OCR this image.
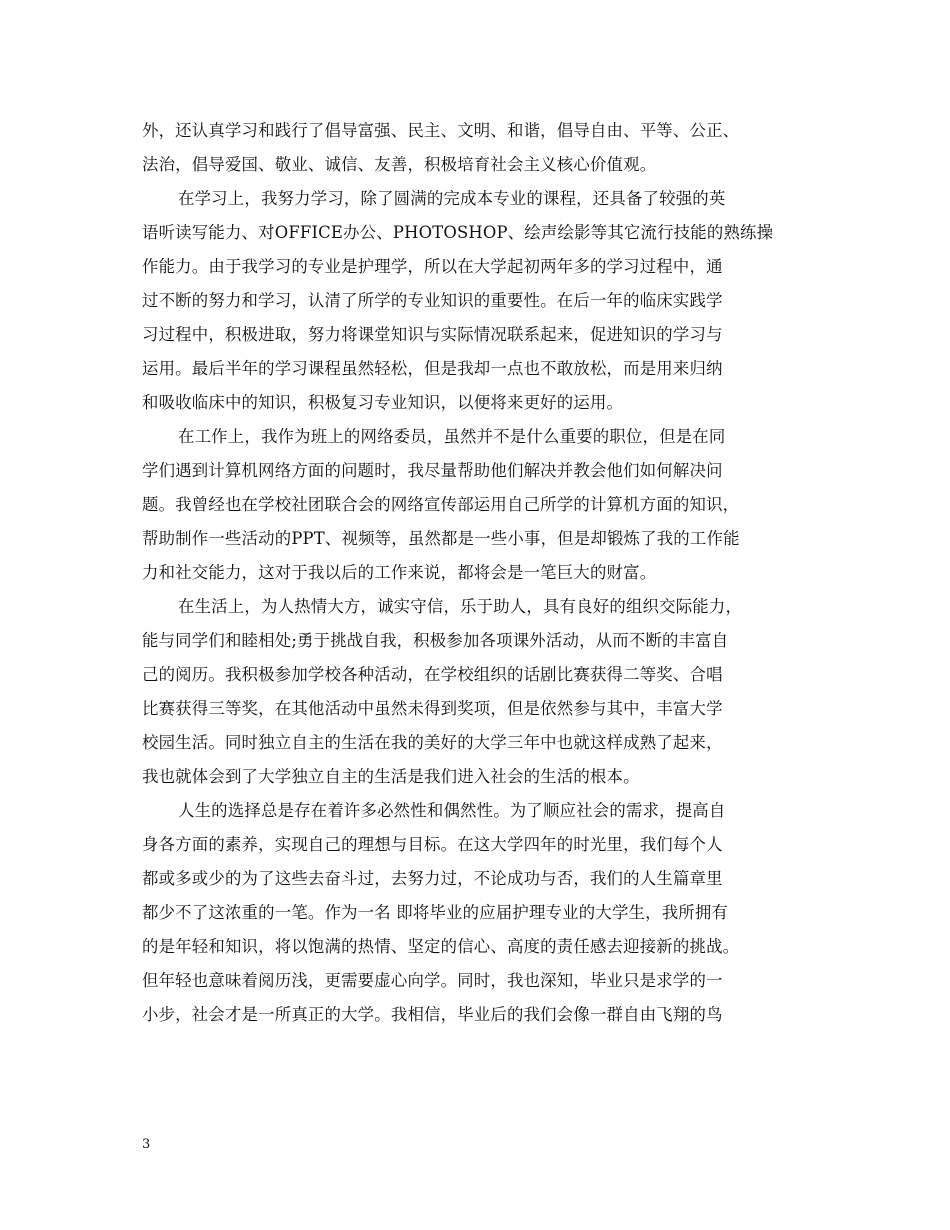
外，还认真学习和践行了倡导富强、民主、文明、和谐，倡导自由、平等、公正、
法治，倡导爱国、敬业、诚信、友善，积极培育社会主义核心价值观。
在学习上，我努力学习，除了圆满的完成本专业的课程，还具备了较强的英
语听读写能力、对OFFICE办公、PHOTOSHOP、绘声绘影等其它流行技能的熟练操
作能力。由于我学习的专业是护理学，所以在大学起初两年多的学习过程中，通
过不断的努力和学习，认清了所学的专业知识的重要性。在后一年的临床实践学
习过程中，积极进取，努力将课堂知识与实际情况联系起来，促进知识的学习与
运用。最后半年的学习课程虽然轻松，但是我却一点也不敢放松，而是用来归纳
和吸收临床中的知识，积极复习专业知识，以便将来更好的运用。
在工作上，我作为班上的网络委员，虽然并不是什么重要的职位，但是在同
学们遇到计算机网络方面的问题时，我尽量帮助他们解决并教会他们如何解决问
题。我曾经也在学校社团联合会的网络宣传部运用自己所学的计算机方面的知识，
帮助制作一些活动的PPT、视频等，虽然都是一些小事，但是却锻炼了我的工作能
力和社交能力，这对于我以后的工作来说，都将会是一笔巨大的财富。
在生活上，为人热情大方，诚实守信，乐于助人，具有良好的组织交际能力，
能与同学们和睦相处;勇于挑战自我，积极参加各项课外活动，从而不断的丰富自
己的阅历。我积极参加学校各种活动，在学校组织的话剧比赛获得二等奖、合唱
比赛获得三等奖，在其他活动中虽然未得到奖项，但是依然参与其中，丰富大学
校园生活。同时独立自主的生活在我的美好的大学三年中也就这样成熟了起来，
我也就体会到了大学独立自主的生活是我们进入社会的生活的根本。
人生的选择总是存在着许多必然性和偶然性。为了顺应社会的需求，提高自
身各方面的素养，实现自己的理想与目标。在这大学四年的时光里，我们每个人
都或多或少的为了这些去奋斗过，去努力过，不论成功与否，我们的人生篇章里
都少不了这浓重的一笔。作为一名 即将毕业的应届护理专业的大学生，我所拥有
的是年轻和知识，将以饱满的热情、坚定的信心、高度的责任感去迎接新的挑战。
但年轻也意味着阅历浅，更需要虚心向学。同时，我也深知，毕业只是求学的一
小步，社会才是一所真正的大学。我相信，毕业后的我们会像一群自由飞翔的鸟
3
